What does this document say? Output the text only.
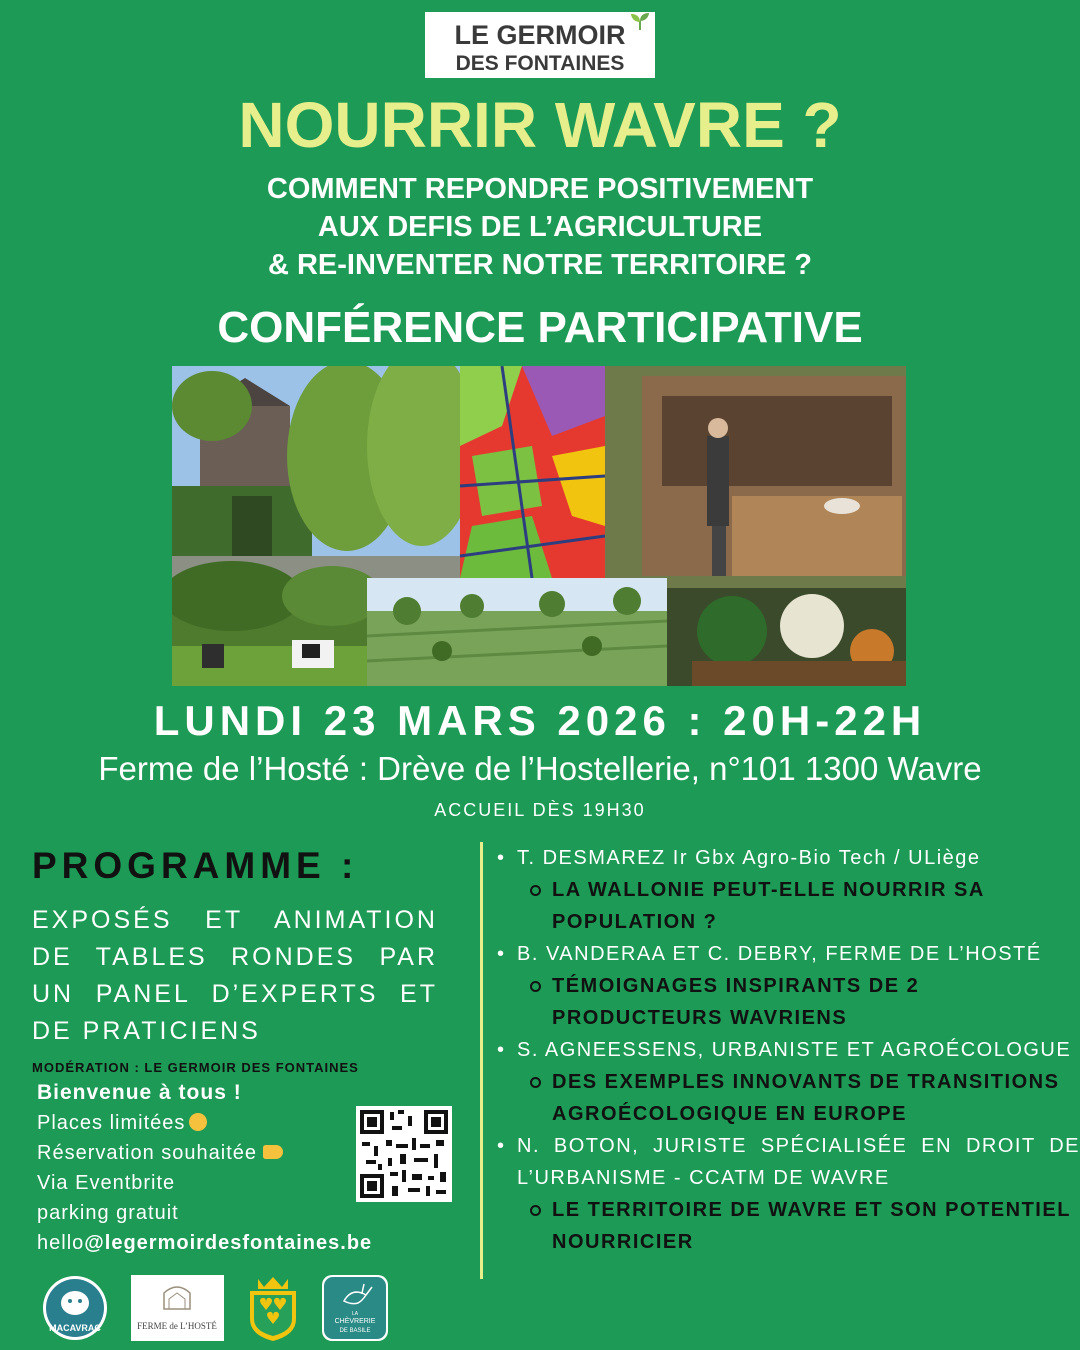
LE GERMOIR
DES FONTAINES
NOURRIR WAVRE ?
COMMENT REPONDRE POSITIVEMENT
AUX DEFIS DE L’AGRICULTURE
& RE-INVENTER NOTRE TERRITOIRE ?
CONFÉRENCE PARTICIPATIVE
LUNDI 23 MARS 2026 : 20H-22H
Ferme de l’Hosté : Drève de l’Hostellerie, n°101 1300 Wavre
ACCUEIL DÈS 19H30
PROGRAMME :
EXPOSÉS ET ANIMATION DE TABLES RONDES PAR UN PANEL D’EXPERTS ET DE PRATICIENS
MODÉRATION : LE GERMOIR DES FONTAINES
Bienvenue à tous !
Places limitées
Réservation souhaitée
Via Eventbrite
parking gratuit
hello@legermoirdesfontaines.be
• T. DESMAREZ Ir Gbx Agro-Bio Tech / ULiège
LA WALLONIE PEUT-ELLE NOURRIR SA POPULATION ?
• B. VANDERAA ET C. DEBRY, FERME DE L’HOSTÉ
TÉMOIGNAGES INSPIRANTS DE 2 PRODUCTEURS WAVRIENS
• S. AGNEESSENS, URBANISTE ET AGROÉCOLOGUE
DES EXEMPLES INNOVANTS DE TRANSITIONS AGROÉCOLOGIQUE EN EUROPE
• N. BOTON, JURISTE SPÉCIALISÉE EN DROIT DE L’URBANISME - CCATM DE WAVRE
LE TERRITOIRE DE WAVRE ET SON POTENTIEL NOURRICIER
MACAVRAC	FERME de L’HOSTÉ
LA
CHÈVRERIE
DE BASILE
